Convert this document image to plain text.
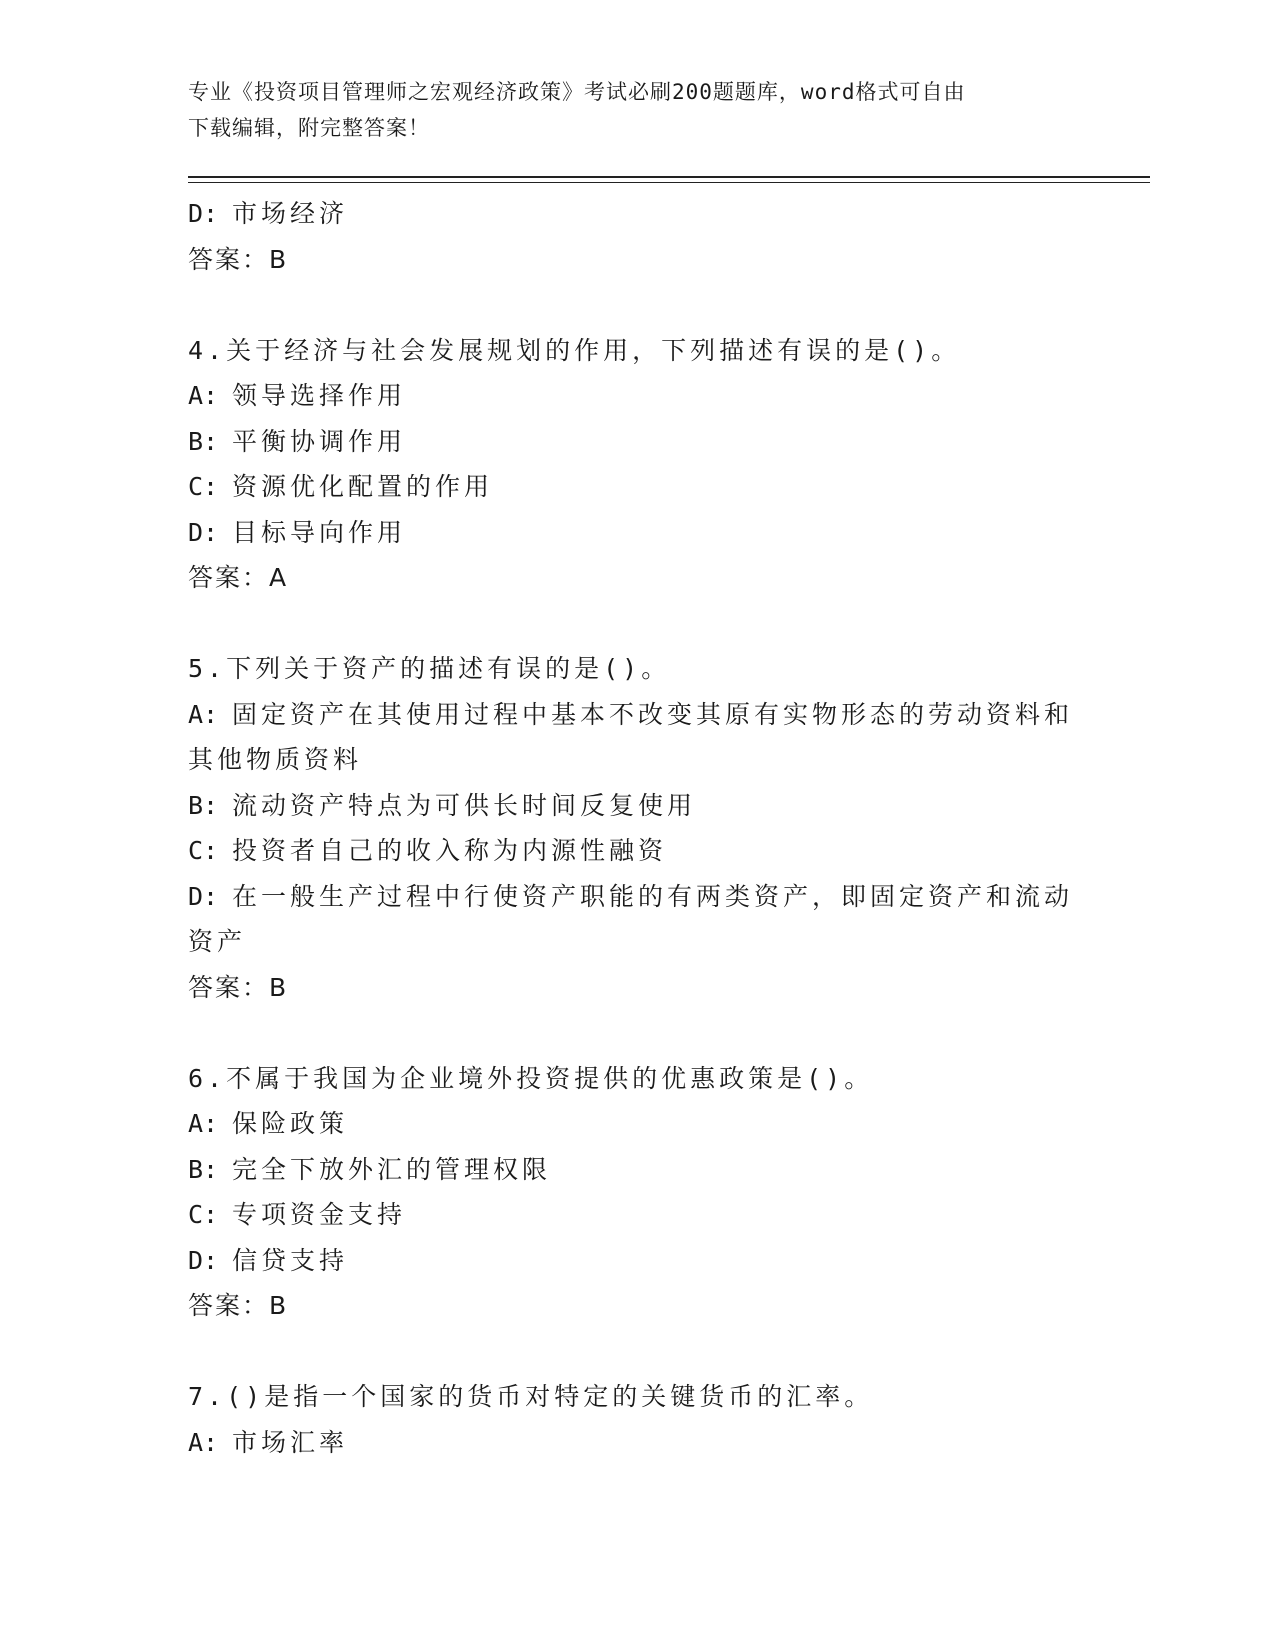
专业《投资项目管理师之宏观经济政策》考试必刷200题题库，word格式可自由
下载编辑，附完整答案！
D: 市场经济
答案：B
4.关于经济与社会发展规划的作用，下列描述有误的是()。
A: 领导选择作用
B: 平衡协调作用
C: 资源优化配置的作用
D: 目标导向作用
答案：A
5.下列关于资产的描述有误的是()。
A: 固定资产在其使用过程中基本不改变其原有实物形态的劳动资料和
其他物质资料
B: 流动资产特点为可供长时间反复使用
C: 投资者自己的收入称为内源性融资
D: 在一般生产过程中行使资产职能的有两类资产，即固定资产和流动
资产
答案：B
6.不属于我国为企业境外投资提供的优惠政策是()。
A: 保险政策
B: 完全下放外汇的管理权限
C: 专项资金支持
D: 信贷支持
答案：B
7.()是指一个国家的货币对特定的关键货币的汇率。
A: 市场汇率
